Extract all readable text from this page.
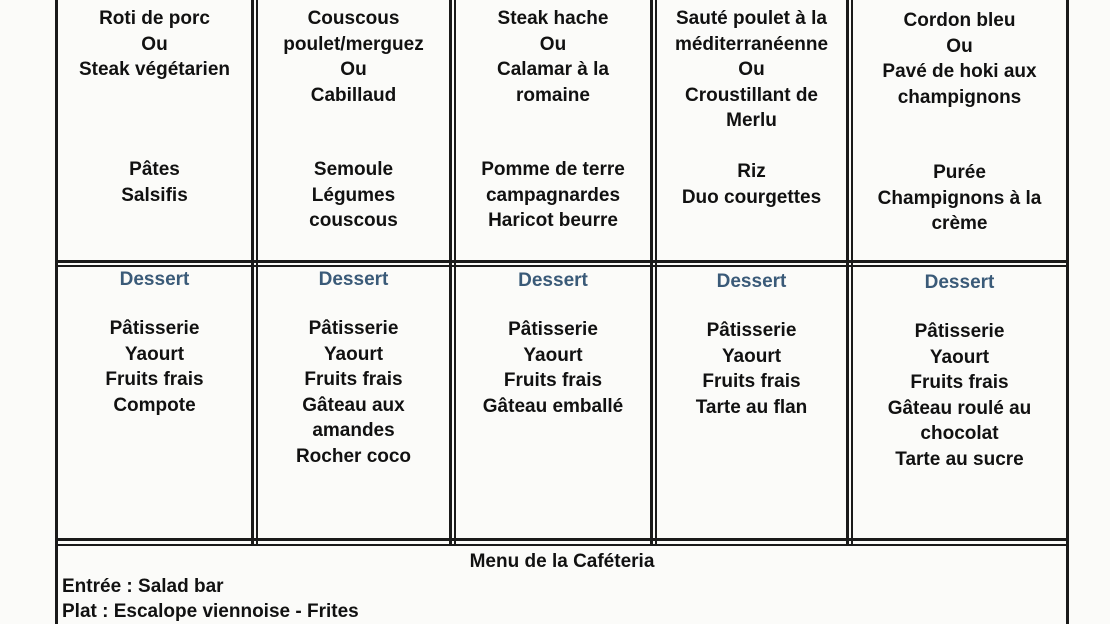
Roti de porc
Ou
Steak végétarien
Pâtes
Salsifis
Couscous
poulet/merguez
Ou
Cabillaud
Semoule
Légumes
couscous
Steak hache
Ou
Calamar à la
romaine
Pomme de terre
campagnardes
Haricot beurre
Sauté poulet à la
méditerranéenne
Ou
Croustillant de
Merlu
Riz
Duo courgettes
Cordon bleu
Ou
Pavé de hoki aux
champignons
Purée
Champignons à la
crème
Dessert
Pâtisserie
Yaourt
Fruits frais
Compote
Dessert
Pâtisserie
Yaourt
Fruits frais
Gâteau aux
amandes
Rocher coco
Dessert
Pâtisserie
Yaourt
Fruits frais
Gâteau emballé
Dessert
Pâtisserie
Yaourt
Fruits frais
Tarte au flan
Dessert
Pâtisserie
Yaourt
Fruits frais
Gâteau roulé au
chocolat
Tarte au sucre
Menu de la Caféteria
Entrée : Salad bar
Plat : Escalope viennoise - Frites
